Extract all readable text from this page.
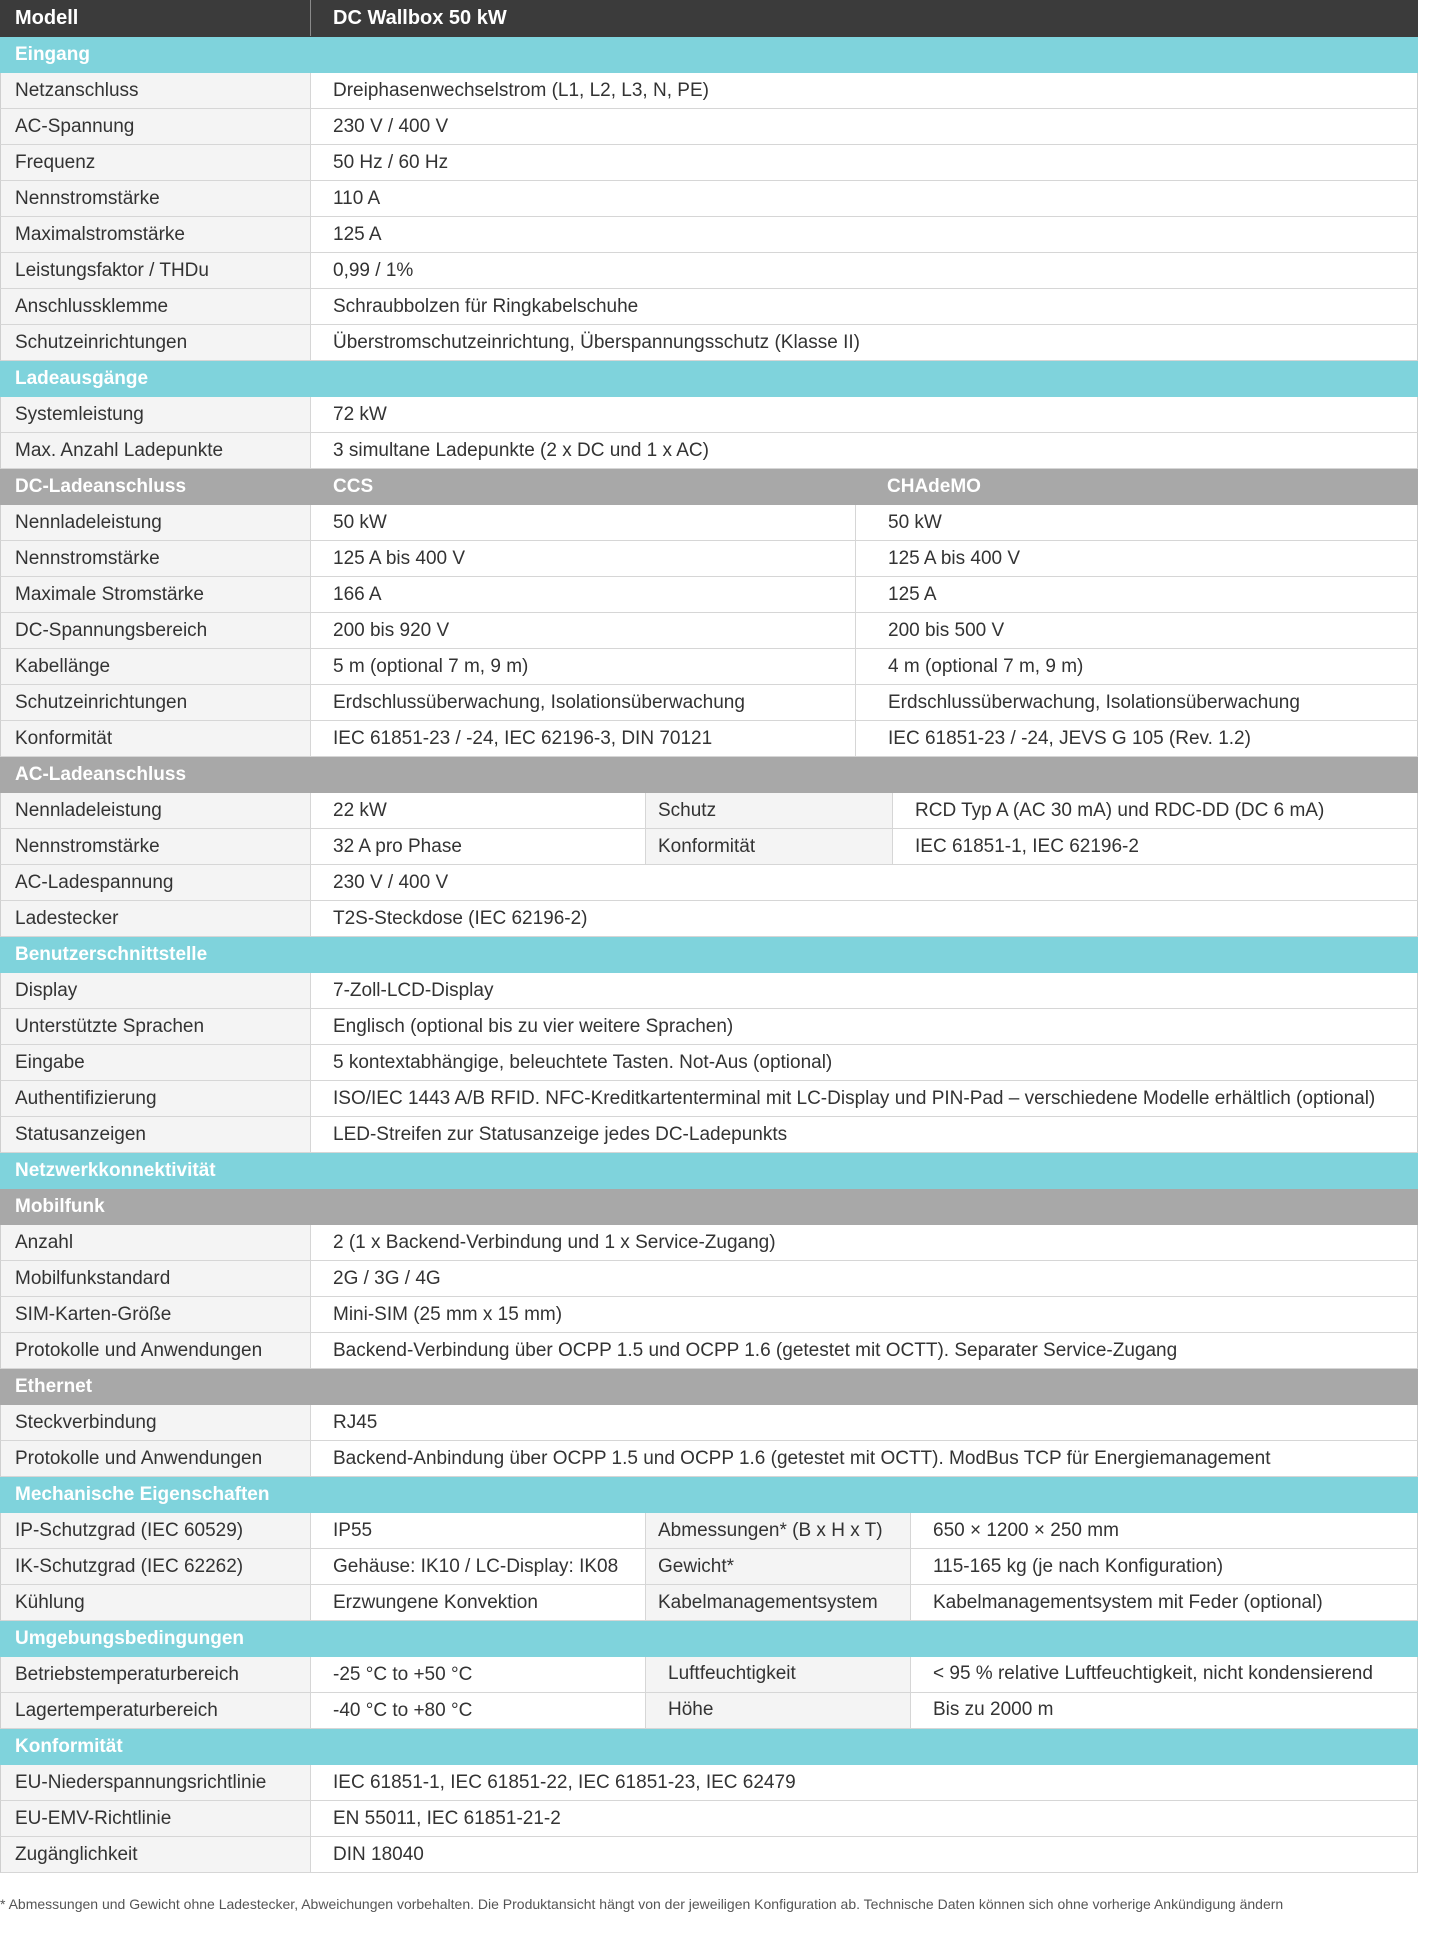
Modell	DC Wallbox 50 kW
Eingang
Netzanschluss	Dreiphasenwechselstrom (L1, L2, L3, N, PE)
AC-Spannung	230 V / 400 V
Frequenz	50 Hz / 60 Hz
Nennstromstärke	110 A
Maximalstromstärke	125 A
Leistungsfaktor / THDu	0,99 / 1%
Anschlussklemme	Schraubbolzen für Ringkabelschuhe
Schutzeinrichtungen	Überstromschutzeinrichtung, Überspannungsschutz (Klasse II)
Ladeausgänge
Systemleistung	72 kW
Max. Anzahl Ladepunkte	3 simultane Ladepunkte (2 x DC und 1 x AC)
DC-Ladeanschluss	CCS	CHAdeMO
Nennladeleistung	50 kW	50 kW
Nennstromstärke	125 A bis 400 V	125 A bis 400 V
Maximale Stromstärke	166 A	125 A
DC-Spannungsbereich	200 bis 920 V	200 bis 500 V
Kabellänge	5 m (optional 7 m, 9 m)	4 m (optional 7 m, 9 m)
Schutzeinrichtungen	Erdschlussüberwachung, Isolationsüberwachung	Erdschlussüberwachung, Isolationsüberwachung
Konformität	IEC 61851-23 / -24, IEC 62196-3, DIN 70121	IEC 61851-23 / -24, JEVS G 105 (Rev. 1.2)
AC-Ladeanschluss
Nennladeleistung	22 kW	Schutz	RCD Typ A (AC 30 mA) und RDC-DD (DC 6 mA)
Nennstromstärke	32 A pro Phase	Konformität	IEC 61851-1, IEC 62196-2
AC-Ladespannung	230 V / 400 V
Ladestecker	T2S-Steckdose (IEC 62196-2)
Benutzerschnittstelle
Display	7-Zoll-LCD-Display
Unterstützte Sprachen	Englisch (optional bis zu vier weitere Sprachen)
Eingabe	5 kontextabhängige, beleuchtete Tasten. Not-Aus (optional)
Authentifizierung	ISO/IEC 1443 A/B RFID. NFC-Kreditkartenterminal mit LC-Display und PIN-Pad – verschiedene Modelle erhältlich (optional)
Statusanzeigen	LED-Streifen zur Statusanzeige jedes DC-Ladepunkts
Netzwerkkonnektivität
Mobilfunk
Anzahl	2 (1 x Backend-Verbindung und 1 x Service-Zugang)
Mobilfunkstandard	2G / 3G / 4G
SIM-Karten-Größe	Mini-SIM (25 mm x 15 mm)
Protokolle und Anwendungen	Backend-Verbindung über OCPP 1.5 und OCPP 1.6 (getestet mit OCTT). Separater Service-Zugang
Ethernet
Steckverbindung	RJ45
Protokolle und Anwendungen	Backend-Anbindung über OCPP 1.5 und OCPP 1.6 (getestet mit OCTT). ModBus TCP für Energiemanagement
Mechanische Eigenschaften
IP-Schutzgrad (IEC 60529)	IP55	Abmessungen* (B x H x T)	650 × 1200 × 250 mm
IK-Schutzgrad (IEC 62262)	Gehäuse: IK10 / LC-Display: IK08	Gewicht*	115-165 kg (je nach Konfiguration)
Kühlung	Erzwungene Konvektion	Kabelmanagementsystem	Kabelmanagementsystem mit Feder (optional)
Umgebungsbedingungen
Betriebstemperaturbereich	-25 °C to +50 °C	Luftfeuchtigkeit	< 95 % relative Luftfeuchtigkeit, nicht kondensierend
Lagertemperaturbereich	-40 °C to +80 °C	Höhe	Bis zu 2000 m
Konformität
EU-Niederspannungsrichtlinie	IEC 61851-1, IEC 61851-22, IEC 61851-23, IEC 62479
EU-EMV-Richtlinie	EN 55011, IEC 61851-21-2
Zugänglichkeit	DIN 18040
* Abmessungen und Gewicht ohne Ladestecker, Abweichungen vorbehalten. Die Produktansicht hängt von der jeweiligen Konfiguration ab. Technische Daten können sich ohne vorherige Ankündigung ändern
